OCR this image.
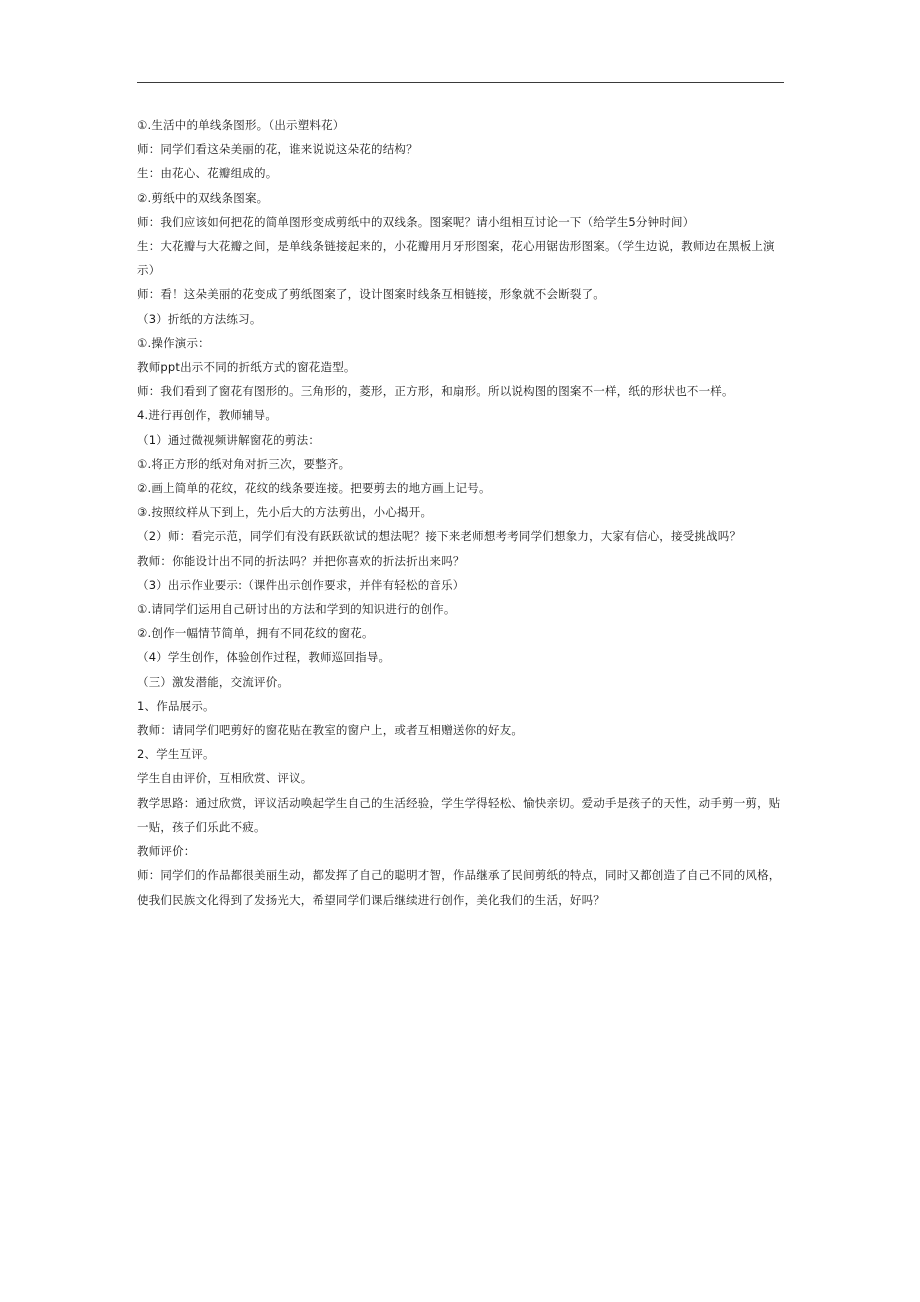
①.生活中的单线条图形。（出示塑料花）

师：同学们看这朵美丽的花，谁来说说这朵花的结构？

生：由花心、花瓣组成的。

②.剪纸中的双线条图案。

师：我们应该如何把花的简单图形变成剪纸中的双线条。图案呢？请小组相互讨论一下（给学生5分钟时间）

生：大花瓣与大花瓣之间，是单线条链接起来的，小花瓣用月牙形图案，花心用锯齿形图案。（学生边说，教师边在黑板上演示）

师：看！这朵美丽的花变成了剪纸图案了，设计图案时线条互相链接，形象就不会断裂了。

（3）折纸的方法练习。

①.操作演示：

教师ppt出示不同的折纸方式的窗花造型。

师：我们看到了窗花有图形的。三角形的，菱形，正方形，和扇形。所以说构图的图案不一样，纸的形状也不一样。

4.进行再创作，教师辅导。

（1）通过微视频讲解窗花的剪法：

①.将正方形的纸对角对折三次，要整齐。

②.画上简单的花纹，花纹的线条要连接。把要剪去的地方画上记号。

③.按照纹样从下到上，先小后大的方法剪出，小心揭开。

（2）师：看完示范，同学们有没有跃跃欲试的想法呢？接下来老师想考考同学们想象力，大家有信心，接受挑战吗？

教师：你能设计出不同的折法吗？并把你喜欢的折法折出来吗？

（3）出示作业要示:（课件出示创作要求，并伴有轻松的音乐）

①.请同学们运用自己研讨出的方法和学到的知识进行的创作。

②.创作一幅情节简单，拥有不同花纹的窗花。

（4）学生创作，体验创作过程，教师巡回指导。

（三）激发潜能，交流评价。

1、作品展示。

教师：请同学们吧剪好的窗花贴在教室的窗户上，或者互相赠送你的好友。

2、学生互评。

学生自由评价，互相欣赏、评议。

教学思路：通过欣赏，评议活动唤起学生自己的生活经验，学生学得轻松、愉快亲切。爱动手是孩子的天性，动手剪一剪，贴一贴，孩子们乐此不疲。

教师评价：

师：同学们的作品都很美丽生动，都发挥了自己的聪明才智，作品继承了民间剪纸的特点，同时又都创造了自己不同的风格，使我们民族文化得到了发扬光大，希望同学们课后继续进行创作，美化我们的生活，好吗？
